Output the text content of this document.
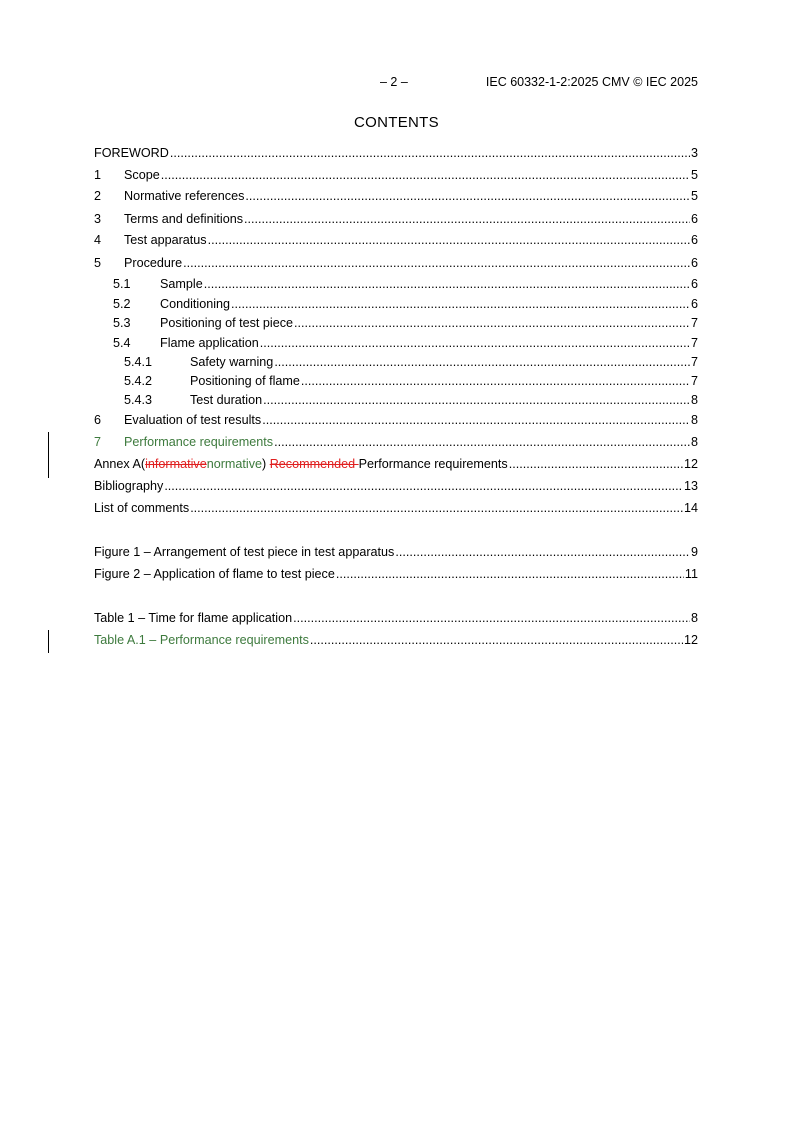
– 2 –	IEC 60332-1-2:2025 CMV © IEC 2025
CONTENTS
FOREWORD .....	3
1	Scope .....	5
2	Normative references .....	5
3	Terms and definitions .....	6
4	Test apparatus .....	6
5	Procedure .....	6
5.1	Sample .....	6
5.2	Conditioning .....	6
5.3	Positioning of test piece .....	7
5.4	Flame application .....	7
5.4.1	Safety warning .....	7
5.4.2	Positioning of flame .....	7
5.4.3	Test duration .....	8
6	Evaluation of test results .....	8
7	Performance requirements .....	8
Annex A(informativenormative) Recommended Performance requirements .....	12
Bibliography .....	13
List of comments .....	14
Figure 1 – Arrangement of test piece in test apparatus .....	9
Figure 2 – Application of flame to test piece .....	11
Table 1 – Time for flame application .....	8
Table A.1 – Performance requirements .....	12
